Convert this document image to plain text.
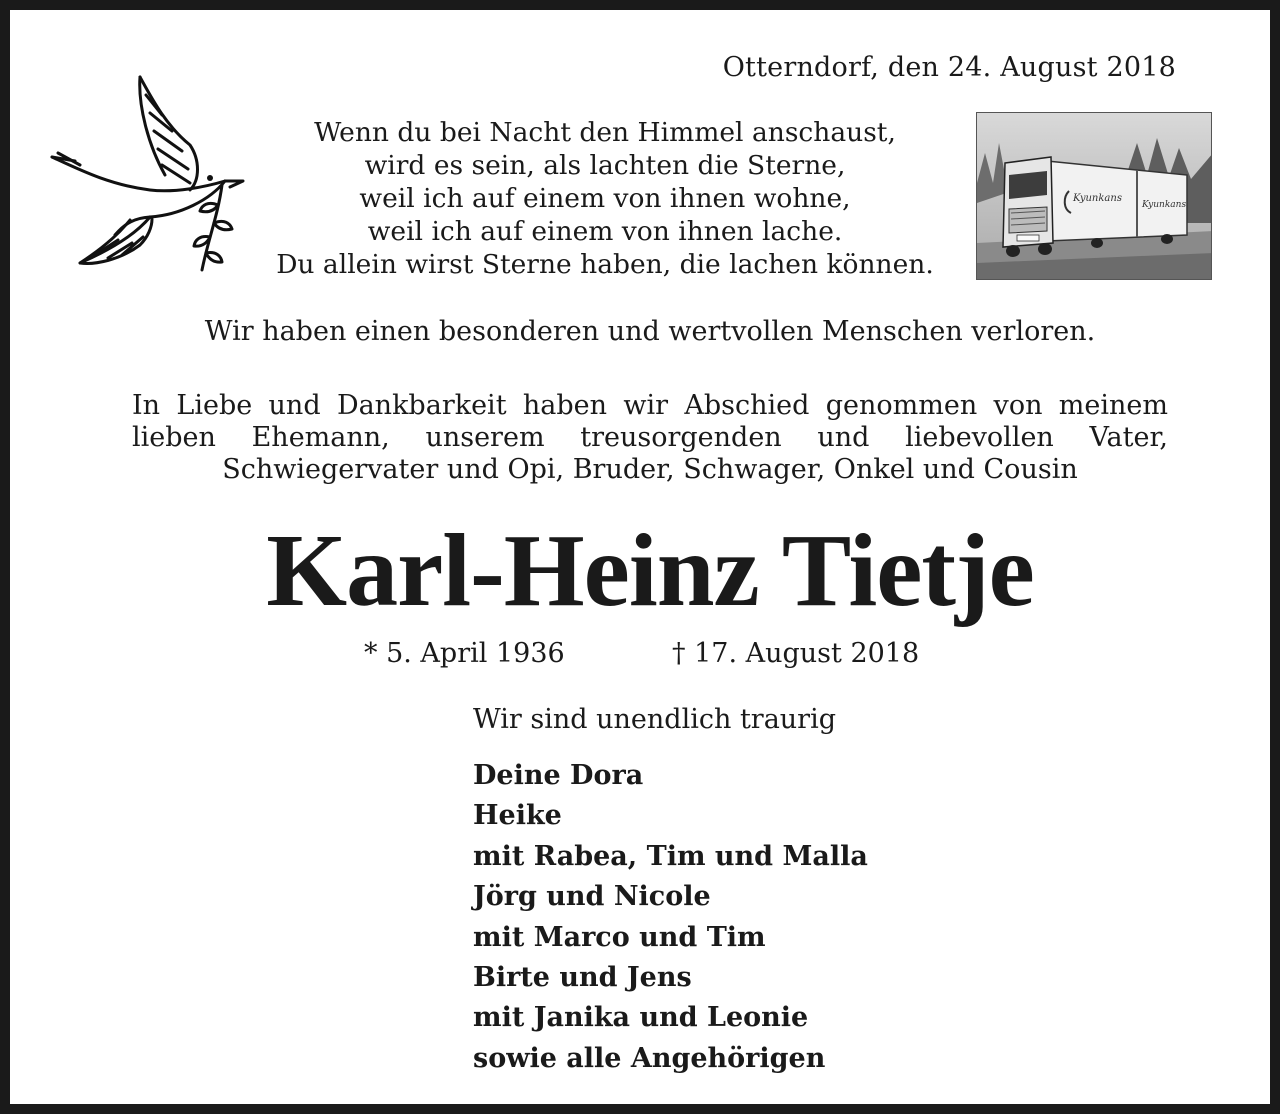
Otterndorf, den 24. August 2018
Wenn du bei Nacht den Himmel anschaust,
wird es sein, als lachten die Sterne,
weil ich auf einem von ihnen wohne,
weil ich auf einem von ihnen lache.
Du allein wirst Sterne haben, die lachen können.
Kyunkans
Kyunkans
Wir haben einen besonderen und wertvollen Menschen verloren.
In Liebe und Dankbarkeit haben wir Abschied genommen von meinem lieben Ehemann, unserem treusorgenden und liebevollen Vater, Schwiegervater und Opi, Bruder, Schwager, Onkel und Cousin
Karl-Heinz Tietje
* 5. April 1936	† 17. August 2018
Wir sind unendlich traurig
Deine Dora
Heike
mit Rabea, Tim und Malla
Jörg und Nicole
mit Marco und Tim
Birte und Jens
mit Janika und Leonie
sowie alle Angehörigen
